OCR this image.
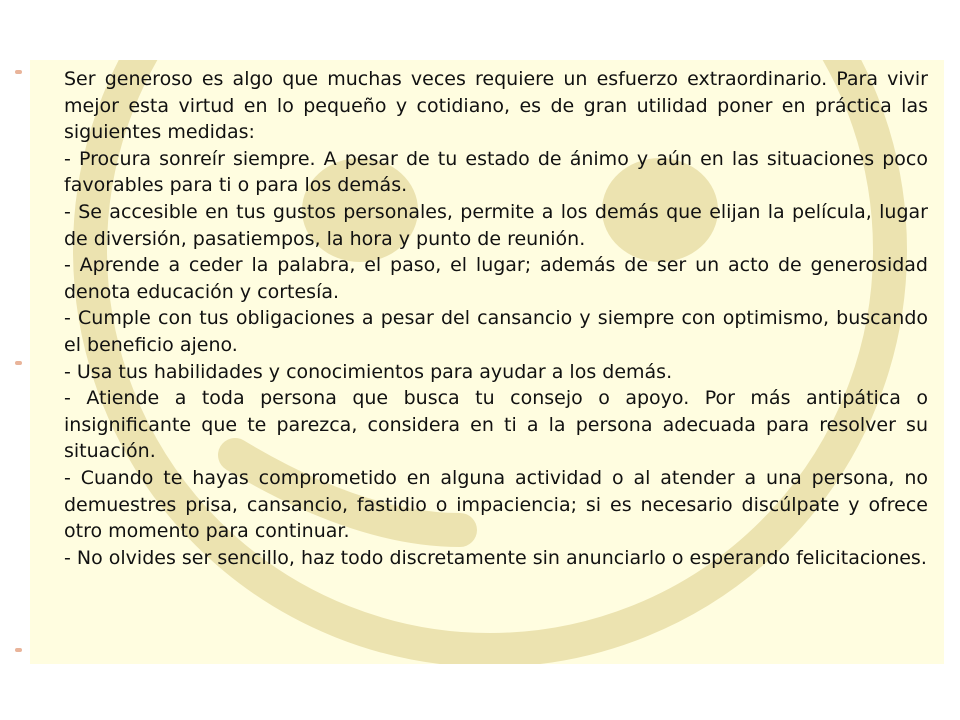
Ser generoso es algo que muchas veces requiere un esfuerzo extraordinario. Para vivir mejor esta virtud en lo pequeño y cotidiano, es de gran utilidad poner en práctica las siguientes medidas:

- Procura sonreír siempre. A pesar de tu estado de ánimo y aún en las situaciones poco favorables para ti o para los demás.

- Se accesible en tus gustos personales, permite a los demás que elijan la película, lugar de diversión, pasatiempos, la hora y punto de reunión.

- Aprende a ceder la palabra, el paso, el lugar; además de ser un acto de generosidad denota educación y cortesía.

- Cumple con tus obligaciones a pesar del cansancio y siempre con optimismo, buscando el beneficio ajeno.

- Usa tus habilidades y conocimientos para ayudar a los demás.

- Atiende a toda persona que busca tu consejo o apoyo. Por más antipática o insignificante que te parezca, considera en ti a la persona adecuada para resolver su situación.

- Cuando te hayas comprometido en alguna actividad o al atender a una persona, no demuestres prisa, cansancio, fastidio o impaciencia; si es necesario discúlpate y ofrece otro momento para continuar.

- No olvides ser sencillo, haz todo discretamente sin anunciarlo o esperando felicitaciones.
